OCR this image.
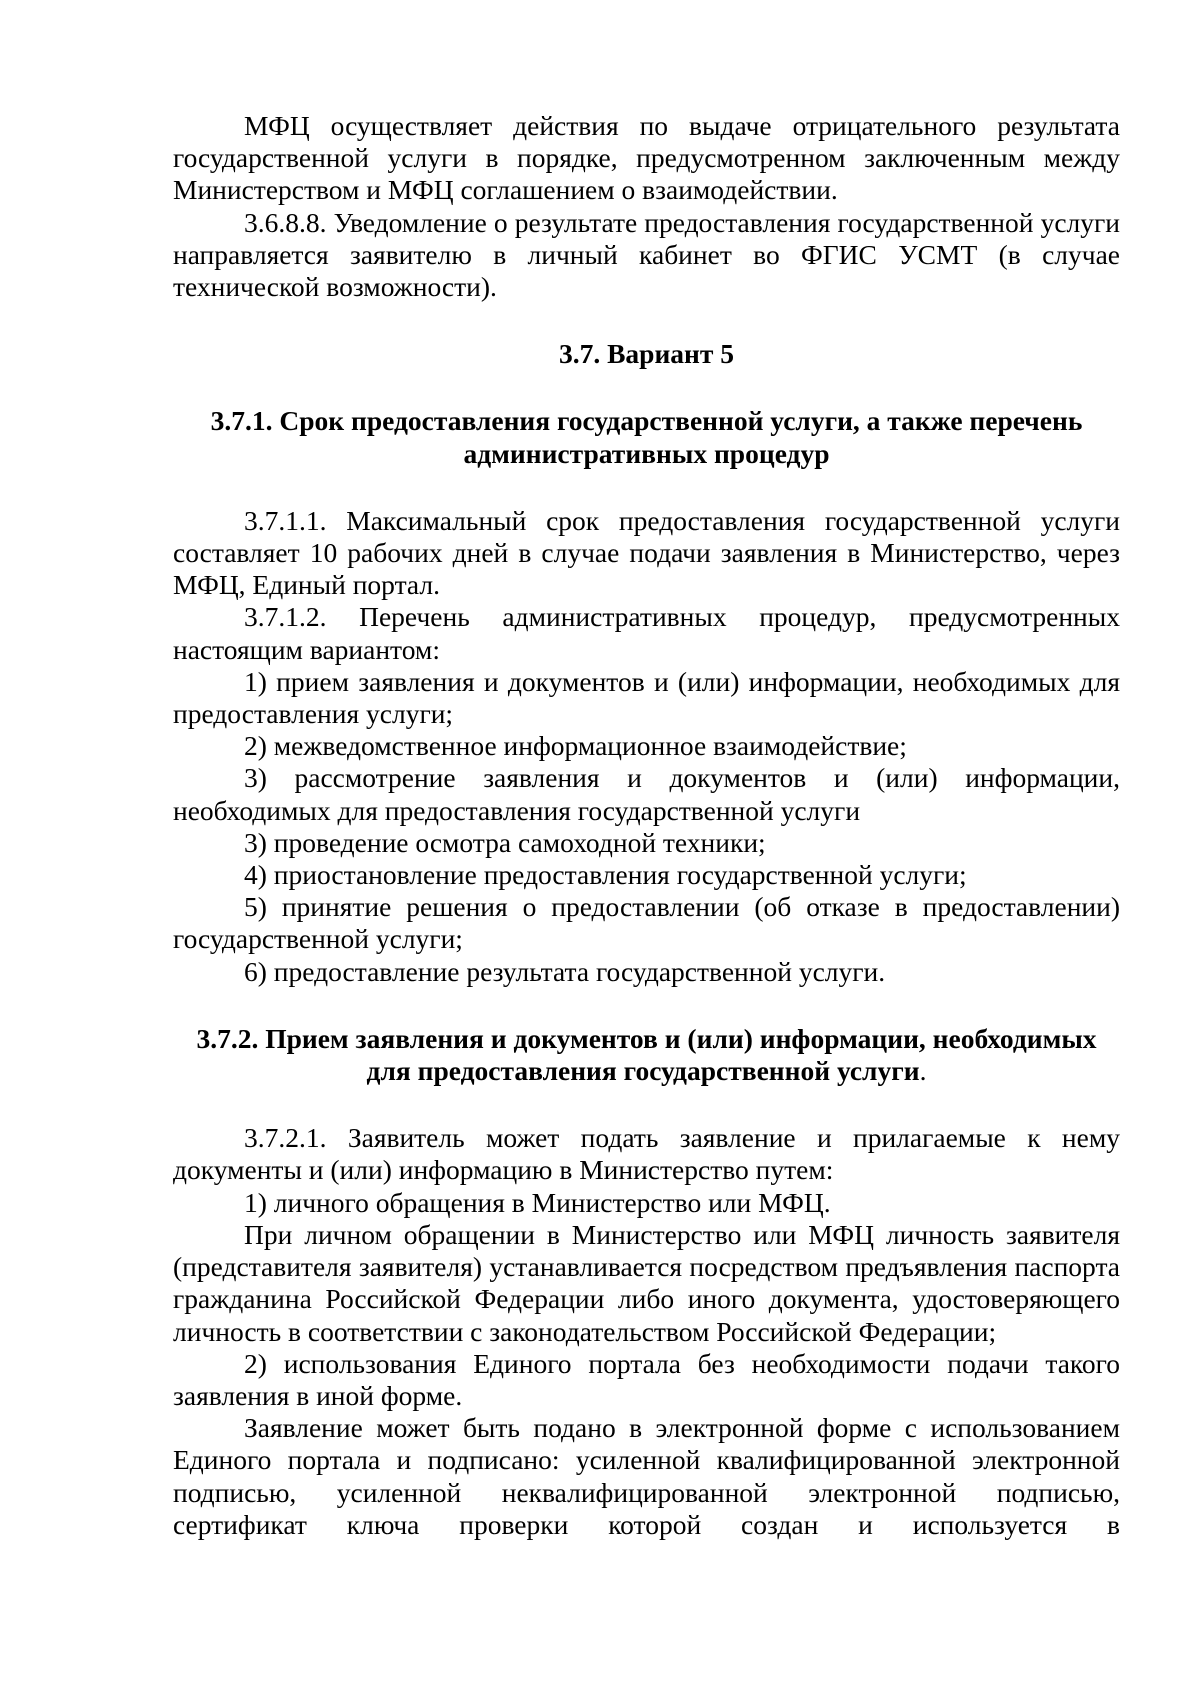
МФЦ осуществляет действия по выдаче отрицательного результата государственной услуги в порядке, предусмотренном заключенным между Министерством и МФЦ соглашением о взаимодействии.

3.6.8.8. Уведомление о результате предоставления государственной услуги направляется заявителю в личный кабинет во ФГИС УСМТ (в случае технической возможности).

3.7. Вариант 5

3.7.1. Срок предоставления государственной услуги, а также перечень административных процедур

3.7.1.1. Максимальный срок предоставления государственной услуги составляет 10 рабочих дней в случае подачи заявления в Министерство, через МФЦ, Единый портал.

3.7.1.2. Перечень административных процедур, предусмотренных настоящим вариантом:

1) прием заявления и документов и (или) информации, необходимых для предоставления услуги;

2) межведомственное информационное взаимодействие;

3) рассмотрение заявления и документов и (или) информации, необходимых для предоставления государственной услуги

3) проведение осмотра самоходной техники;

4) приостановление предоставления государственной услуги;

5) принятие решения о предоставлении (об отказе в предоставлении) государственной услуги;

6) предоставление результата государственной услуги.

3.7.2. Прием заявления и документов и (или) информации, необходимых для предоставления государственной услуги.

3.7.2.1. Заявитель может подать заявление и прилагаемые к нему документы и (или) информацию в Министерство путем:

1) личного обращения в Министерство или МФЦ.

При личном обращении в Министерство или МФЦ личность заявителя (представителя заявителя) устанавливается посредством предъявления паспорта гражданина Российской Федерации либо иного документа, удостоверяющего личность в соответствии с законодательством Российской Федерации;

2) использования Единого портала без необходимости подачи такого заявления в иной форме.

Заявление может быть подано в электронной форме с использованием Единого портала и подписано: усиленной квалифицированной электронной подписью, усиленной неквалифицированной электронной подписью, сертификат ключа проверки которой создан и используется в
